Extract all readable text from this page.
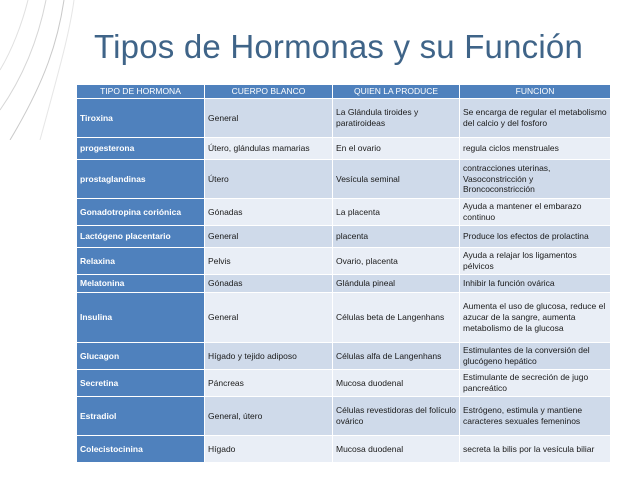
Tipos de Hormonas y su Función
TIPO DE HORMONA	CUERPO BLANCO	QUIEN LA PRODUCE	FUNCION
Tiroxina	General	La Glándula tiroides y paratiroideas	Se encarga de regular el metabolismo del calcio y del fosforo
progesterona	Útero, glándulas mamarias	En el ovario	regula ciclos menstruales
prostaglandinas	Útero	Vesícula seminal	contracciones uterinas, Vasoconstricción y Broncoconstricción
Gonadotropina coriónica	Gónadas	La placenta	Ayuda a mantener el embarazo continuo
Lactógeno placentario	General	placenta	Produce los efectos de prolactina
Relaxina	Pelvis	Ovario, placenta	Ayuda a relajar los ligamentos pélvicos
Melatonina	Gónadas	Glándula pineal	Inhibir la función ovárica
Insulina	General	Células beta de Langenhans	Aumenta el uso de glucosa, reduce el azucar de la sangre, aumenta metabolismo de la glucosa
Glucagon	Hígado y tejido adiposo	Células alfa de Langenhans	Estimulantes de la conversión del glucógeno hepático
Secretina	Páncreas	Mucosa duodenal	Estimulante de secreción de jugo pancreático
Estradiol	General, útero	Células revestidoras del folículo ovárico	Estrógeno, estimula y mantiene caracteres sexuales femeninos
Colecistocinina	Hígado	Mucosa duodenal	secreta la bilis por la vesícula biliar
